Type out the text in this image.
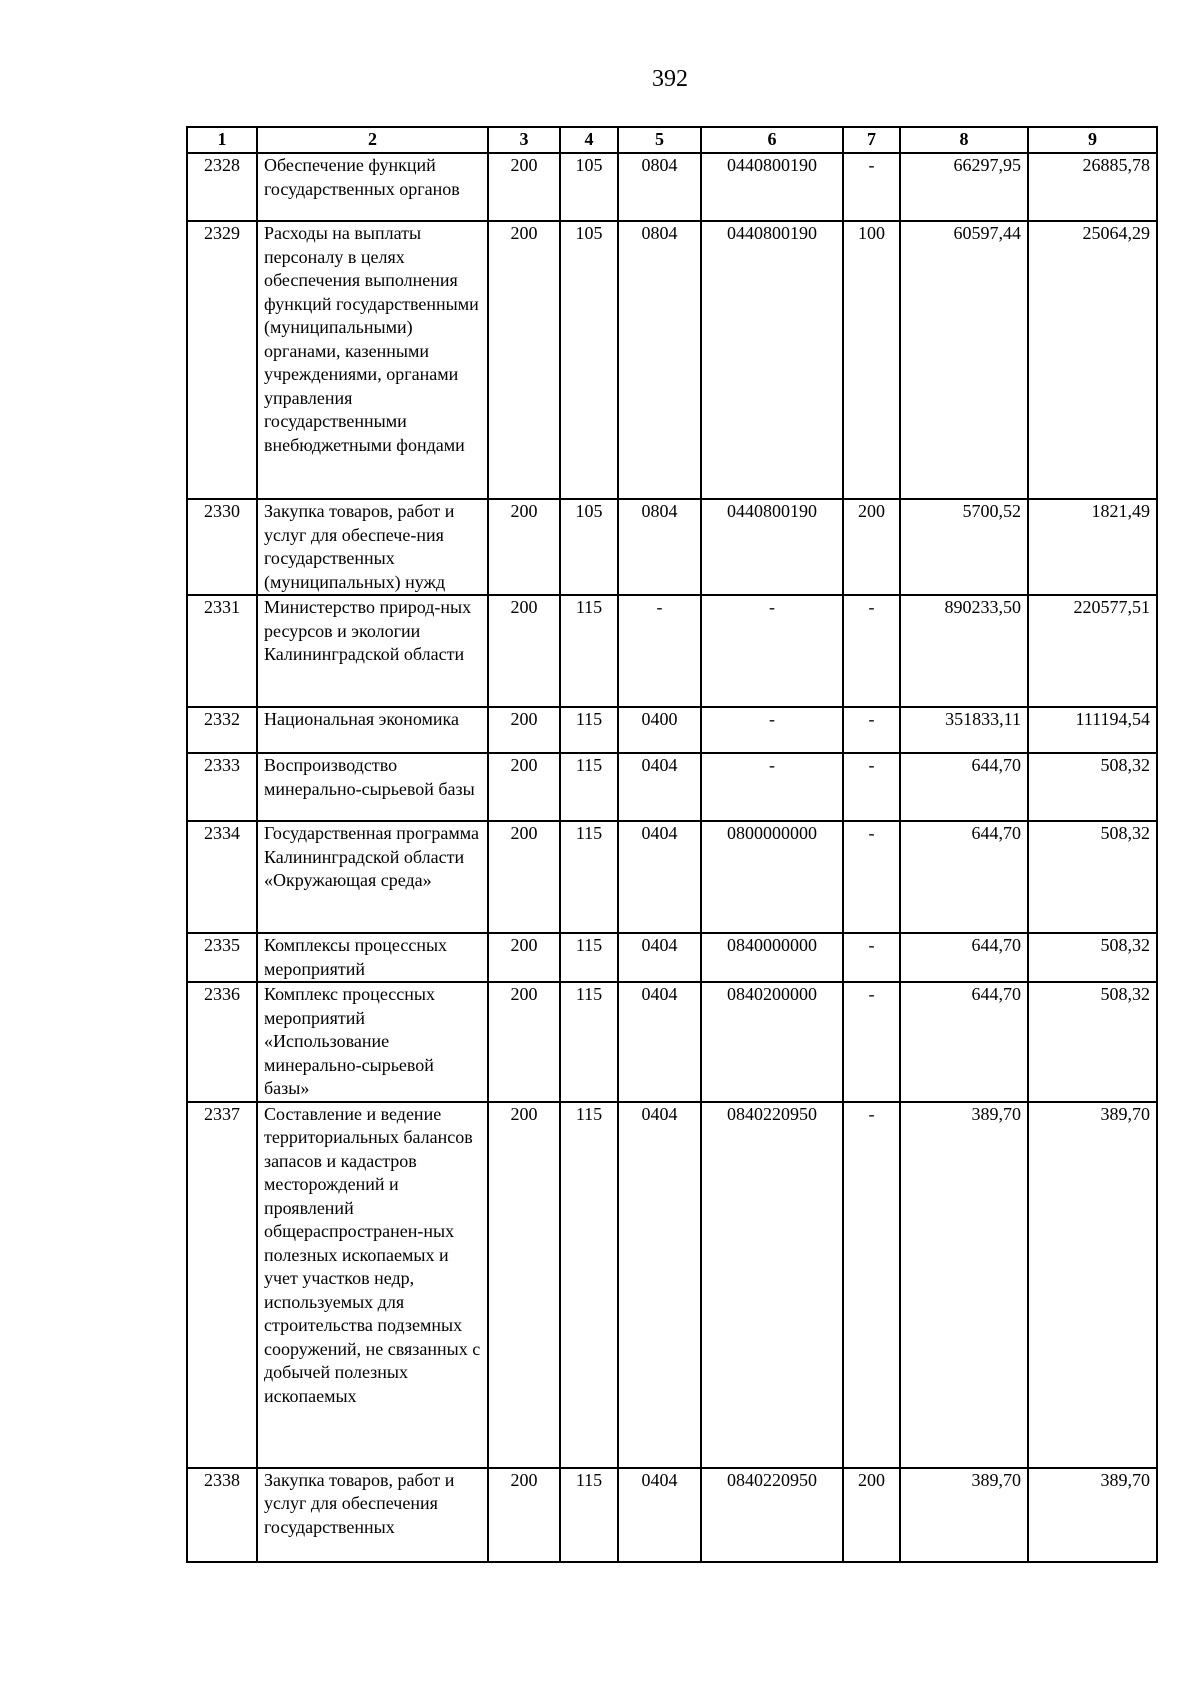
392
1	2	3	4	5	6	7	8	9
2328	Обеспечение функций государственных органов	200	105	0804	0440800190	-	66297,95	26885,78
2329	Расходы на выплаты персоналу в целях обеспечения выполнения функций государственными (муниципальными) органами, казенными учреждениями, органами управления государственными внебюджетными фондами	200	105	0804	0440800190	100	60597,44	25064,29
2330	Закупка товаров, работ и услуг для обеспече-ния государственных (муниципальных) нужд	200	105	0804	0440800190	200	5700,52	1821,49
2331	Министерство природ-ных ресурсов и экологии Калининградской области	200	115	-	-	-	890233,50	220577,51
2332	Национальная экономика	200	115	0400	-	-	351833,11	111194,54
2333	Воспроизводство минерально-сырьевой базы	200	115	0404	-	-	644,70	508,32
2334	Государственная программа Калининградской области «Окружающая среда»	200	115	0404	0800000000	-	644,70	508,32
2335	Комплексы процессных мероприятий	200	115	0404	0840000000	-	644,70	508,32
2336	Комплекс процессных мероприятий «Использование минерально-сырьевой базы»	200	115	0404	0840200000	-	644,70	508,32
2337	Составление и ведение территориальных балансов запасов и кадастров месторождений и проявлений общераспространен-ных полезных ископаемых и учет участков недр, используемых для строительства подземных сооружений, не связанных с добычей полезных ископаемых	200	115	0404	0840220950	-	389,70	389,70
2338	Закупка товаров, работ и услуг для обеспечения государственных	200	115	0404	0840220950	200	389,70	389,70
